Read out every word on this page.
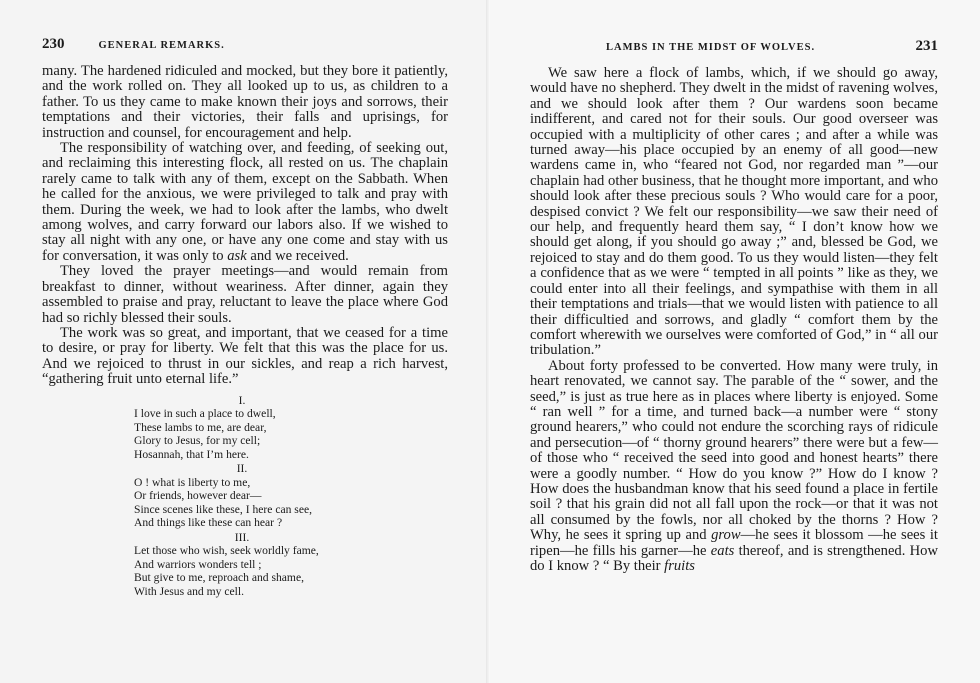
230	GENERAL REMARKS.

many. The hardened ridiculed and mocked, but they bore it patiently, and the work rolled on. They all looked up to us, as children to a father. To us they came to make known their joys and sorrows, their temptations and their victories, their falls and uprisings, for instruction and counsel, for encouragement and help.

The responsibility of watching over, and feeding, of seeking out, and reclaiming this interesting flock, all rested on us. The chaplain rarely came to talk with any of them, except on the Sabbath. When he called for the anxious, we were privileged to talk and pray with them. During the week, we had to look after the lambs, who dwelt among wolves, and carry forward our labors also. If we wished to stay all night with any one, or have any one come and stay with us for conversation, it was only to ask and we received.

They loved the prayer meetings—and would remain from breakfast to dinner, without weariness. After dinner, again they assembled to praise and pray, reluctant to leave the place where God had so richly blessed their souls.

The work was so great, and important, that we ceased for a time to desire, or pray for liberty. We felt that this was the place for us. And we rejoiced to thrust in our sickles, and reap a rich harvest, “gathering fruit unto eternal life.”

I.
I love in such a place to dwell,
These lambs to me, are dear,
Glory to Jesus, for my cell;
Hosannah, that I’m here.
II.
O ! what is liberty to me,
Or friends, however dear—
Since scenes like these, I here can see,
And things like these can hear ?
III.
Let those who wish, seek worldly fame,
And warriors wonders tell ;
But give to me, reproach and shame,
With Jesus and my cell.
LAMBS IN THE MIDST OF WOLVES.	231

We saw here a flock of lambs, which, if we should go away, would have no shepherd. They dwelt in the midst of ravening wolves, and we should look after them ? Our wardens soon became indifferent, and cared not for their souls. Our good overseer was occupied with a multiplicity of other cares ; and after a while was turned away—his place occupied by an enemy of all good—new wardens came in, who “feared not God, nor regarded man ”—our chaplain had other business, that he thought more important, and who should look after these precious souls ? Who would care for a poor, despised convict ? We felt our responsibility—we saw their need of our help, and frequently heard them say, “ I don’t know how we should get along, if you should go away ;” and, blessed be God, we rejoiced to stay and do them good. To us they would listen—they felt a confidence that as we were “ tempted in all points ” like as they, we could enter into all their feelings, and sympathise with them in all their temptations and trials—that we would listen with patience to all their difficultied and sorrows, and gladly “ comfort them by the comfort wherewith we ourselves were comforted of God,” in “ all our tribulation.”

About forty professed to be converted. How many were truly, in heart renovated, we cannot say. The parable of the “ sower, and the seed,” is just as true here as in places where liberty is enjoyed. Some “ ran well ” for a time, and turned back—a number were “ stony ground hearers,” who could not endure the scorching rays of ridicule and persecution—of “ thorny ground hearers” there were but a few—of those who “ received the seed into good and honest hearts” there were a goodly number. “ How do you know ?” How do I know ? How does the husbandman know that his seed found a place in fertile soil ? that his grain did not all fall upon the rock—or that it was not all consumed by the fowls, nor all choked by the thorns ? How ? Why, he sees it spring up and grow—he sees it blossom —he sees it ripen—he fills his garner—he eats thereof, and is strengthened. How do I know ? “ By their fruits
